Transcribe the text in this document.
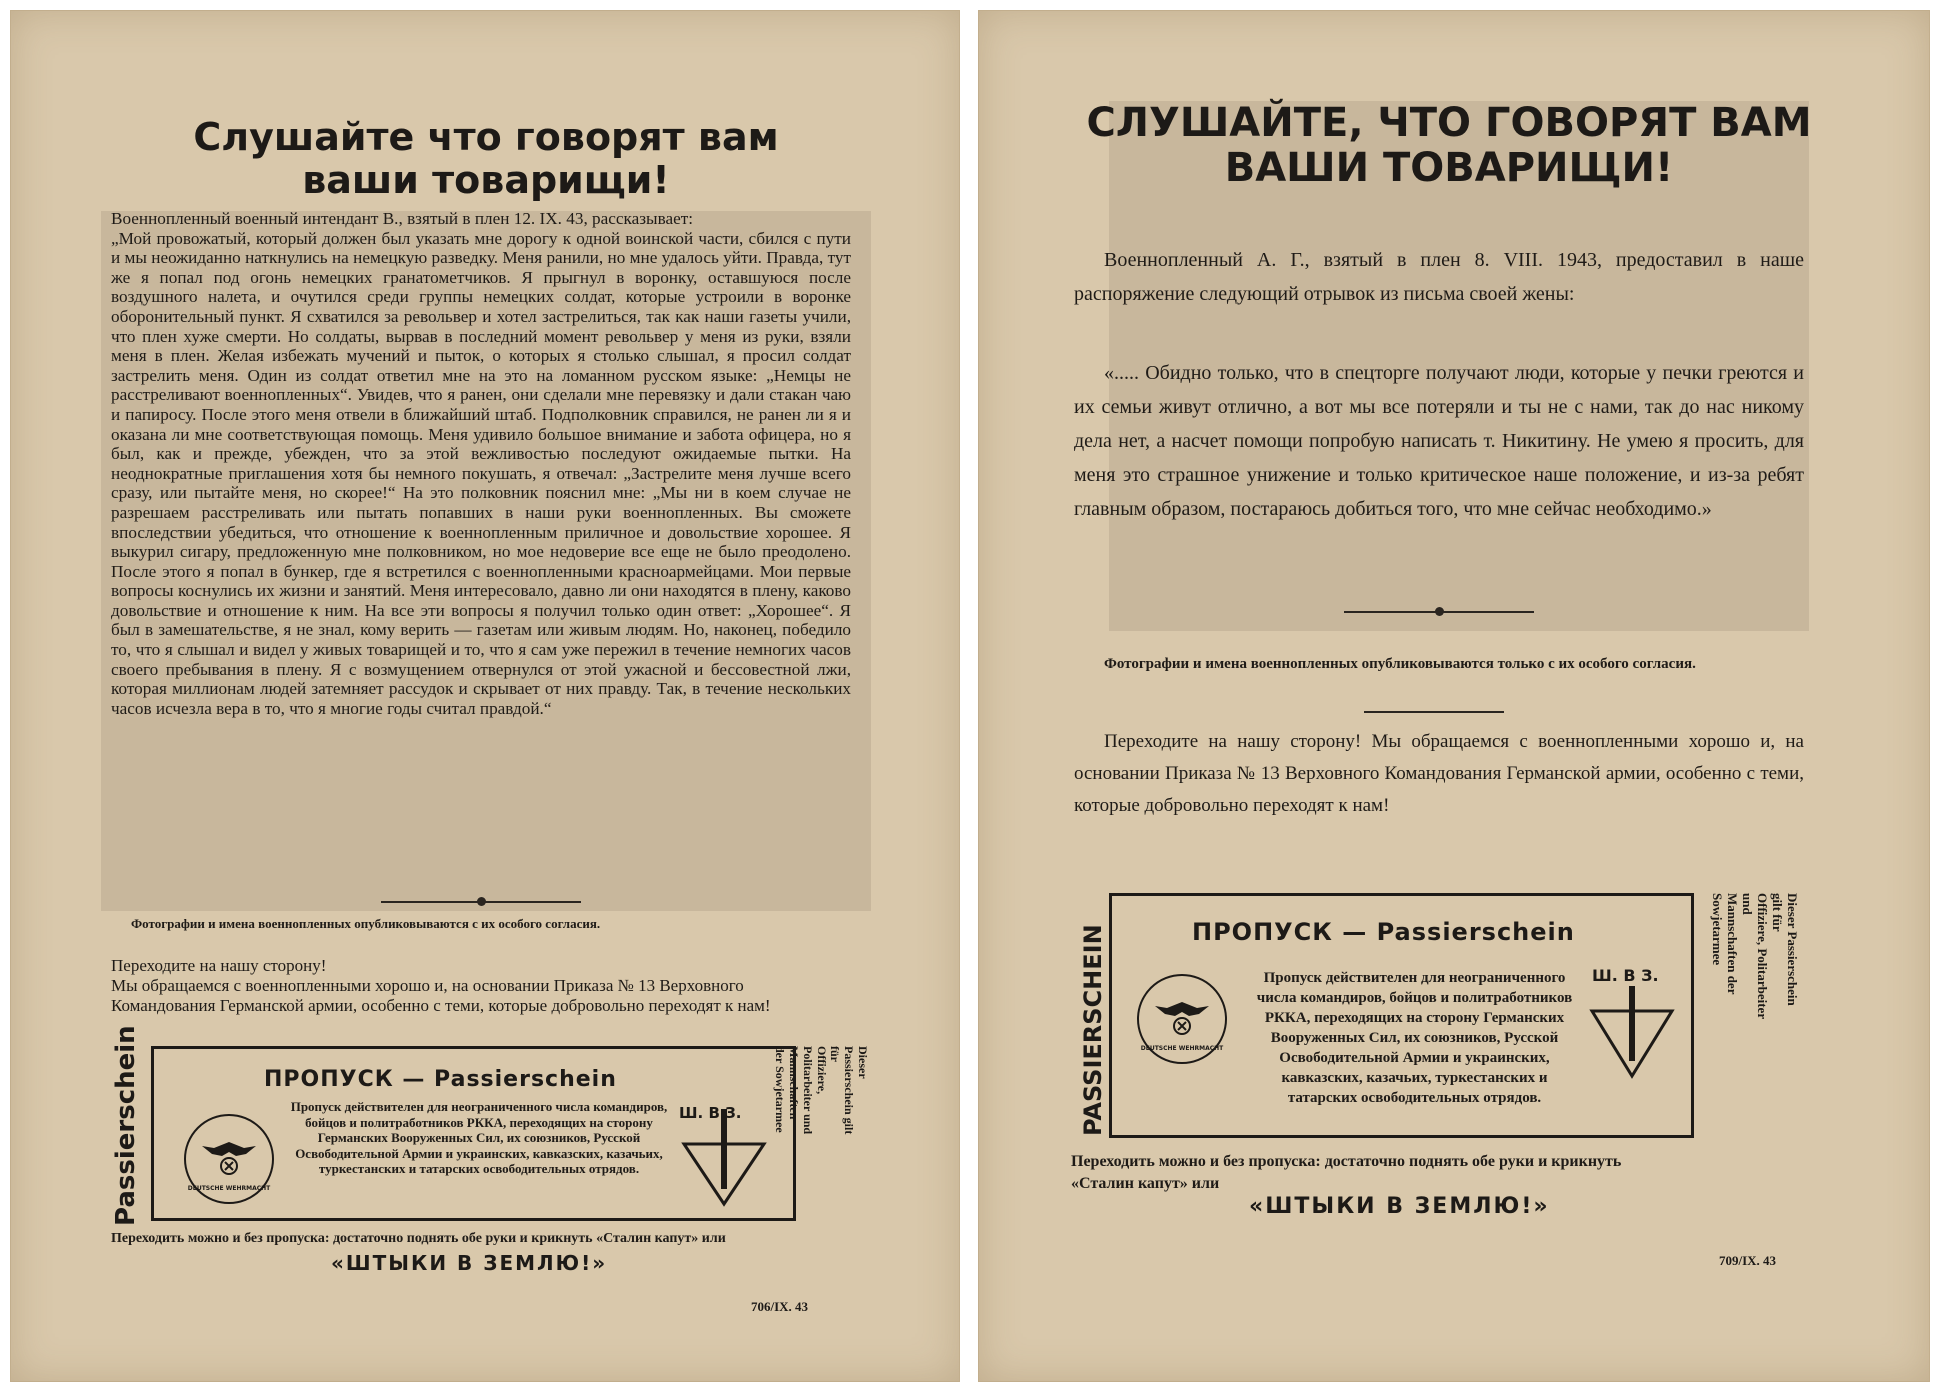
Слушайте что говорят вам
ваши товарищи!
Военнопленный военный интендант В., взятый в плен 12. IX. 43, рассказывает:
„Мой провожатый, который должен был указать мне дорогу к одной воинской части, сбился с пути и мы неожиданно наткнулись на немецкую разведку. Меня ранили, но мне удалось уйти. Правда, тут же я попал под огонь немецких гранатометчиков. Я прыгнул в воронку, оставшуюся после воздушного налета, и очутился среди группы немецких солдат, которые устроили в воронке оборонительный пункт. Я схватился за револьвер и хотел застрелиться, так как наши газеты учили, что плен хуже смерти. Но солдаты, вырвав в последний момент револьвер у меня из руки, взяли меня в плен. Желая избежать мучений и пыток, о которых я столько слышал, я просил солдат застрелить меня. Один из солдат ответил мне на это на ломанном русском языке: „Немцы не расстреливают военнопленных“. Увидев, что я ранен, они сделали мне перевязку и дали стакан чаю и папиросу. После этого меня отвели в ближайший штаб. Подполковник справился, не ранен ли я и оказана ли мне соответствующая помощь. Меня удивило большое внимание и забота офицера, но я был, как и прежде, убежден, что за этой вежливостью последуют ожидаемые пытки. На неоднократные приглашения хотя бы немного покушать, я отвечал: „Застрелите меня лучше всего сразу, или пытайте меня, но скорее!“ На это полковник пояснил мне: „Мы ни в коем случае не разрешаем расстреливать или пытать попавших в наши руки военнопленных. Вы сможете впоследствии убедиться, что отношение к военнопленным приличное и довольствие хорошее. Я выкурил сигару, предложенную мне полковником, но мое недоверие все еще не было преодолено. После этого я попал в бункер, где я встретился с военнопленными красноармейцами. Мои первые вопросы коснулись их жизни и занятий. Меня интересовало, давно ли они находятся в плену, каково довольствие и отношение к ним. На все эти вопросы я получил только один ответ: „Хорошее“. Я был в замешательстве, я не знал, кому верить — газетам или живым людям. Но, наконец, победило то, что я слышал и видел у живых товарищей и то, что я сам уже пережил в течение немногих часов своего пребывания в плену. Я с возмущением отвернулся от этой ужасной и бессовестной лжи, которая миллионам людей затемняет рассудок и скрывает от них правду. Так, в течение нескольких часов исчезла вера в то, что я многие годы считал правдой.“
Фотографии и имена военнопленных опубликовываются с их особого согласия.
Переходите на нашу сторону!
Мы обращаемся с военнопленными хорошо и, на основании Приказа № 13 Верховного Командования Германской армии, особенно с теми, которые добровольно переходят к нам!
Passierschein	ПРОПУСК — Passierschein
DEUTSCHE WEHRMACHT
Пропуск действителен для неограниченного числа командиров, бойцов и политработников РККА, переходящих на сторону Германских Вооруженных Сил, их союзников, Русской Освободительной Армии и украинских, кавказских, казачьих, туркестанских и татарских освободительных отрядов.
Ш. В З.
Dieser Passierschein gilt für
Offiziere, Politarbeiter und
Mannschaften der Sowjetarmee
Переходить можно и без пропуска: достаточно поднять обе руки и крикнуть «Сталин капут» или
«ШТЫКИ В ЗЕМЛЮ!»
706/IX. 43
СЛУШАЙТЕ, ЧТО ГОВОРЯТ ВАМ
ВАШИ ТОВАРИЩИ!
Военнопленный А. Г., взятый в плен 8. VIII. 1943, предоставил в наше распоряжение следующий отрывок из письма своей жены:
«..... Обидно только, что в спецторге получают люди, которые у печки греются и их семьи живут отлично, а вот мы все потеряли и ты не с нами, так до нас никому дела нет, а насчет помощи попробую написать т. Никитину. Не умею я просить, для меня это страшное унижение и только критическое наше положение, и из-за ребят главным образом, постараюсь добиться того, что мне сейчас необходимо.»
Фотографии и имена военнопленных опубликовываются только с их особого согласия.
Переходите на нашу сторону! Мы обращаемся с военнопленными хорошо и, на основании Приказа № 13 Верховного Командования Германской армии, особенно с теми, которые добровольно переходят к нам!
PASSIERSCHEIN	ПРОПУСК — Passierschein
DEUTSCHE WEHRMACHT
Пропуск действителен для неограниченного числа командиров, бойцов и политработников РККА, переходящих на сторону Германских Вооруженных Сил, их союзников, Русской Освободительной Армии и украинских, кавказских, казачьих, туркестанских и татарских освободительных отрядов.
Ш. В З.
Dieser Passierschein gilt für
Offiziere, Politarbeiter und
Mannschaften der Sowjetarmee
Переходить можно и без пропуска: достаточно поднять обе руки и крикнуть
«Сталин капут» или
«ШТЫКИ В ЗЕМЛЮ!»
709/IX. 43
